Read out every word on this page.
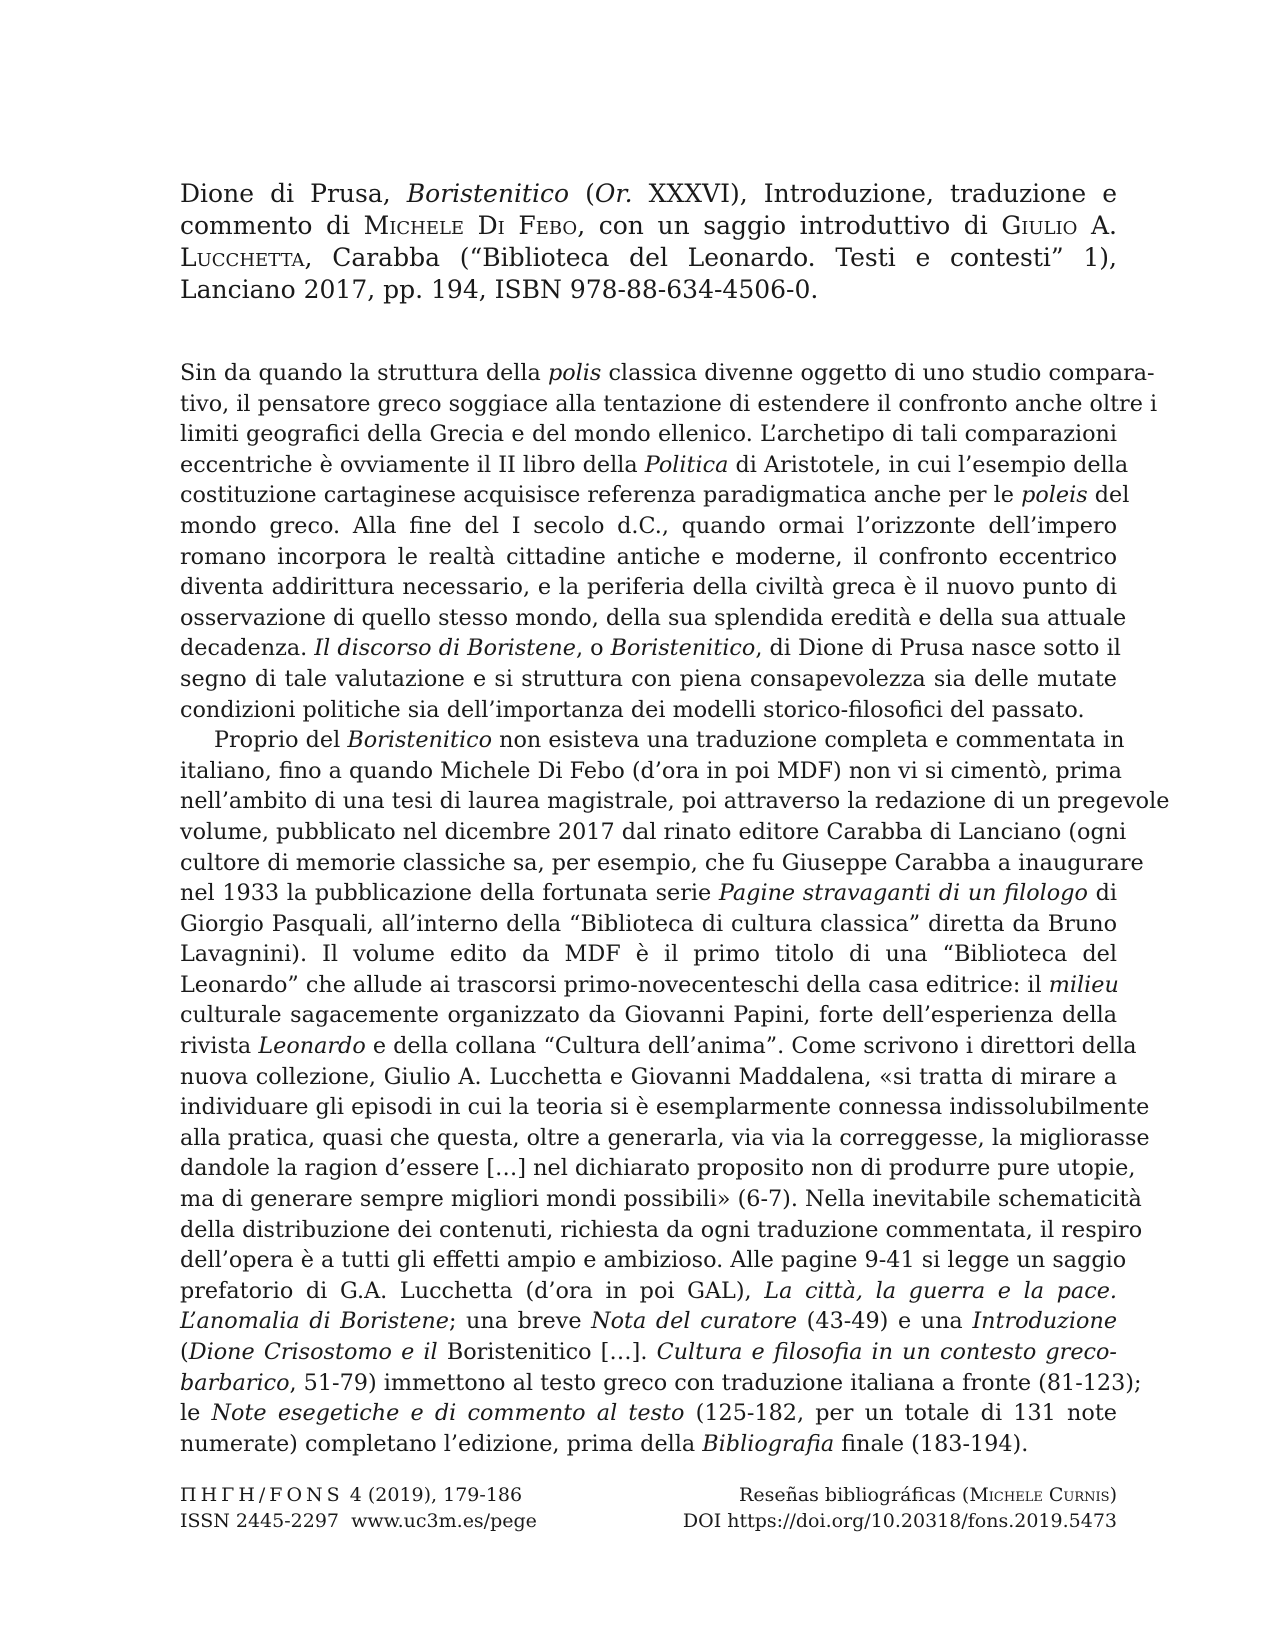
Dione di Prusa, Boristenitico (Or. XXXVI), Introduzione, traduzione e
commento di Michele Di Febo, con un saggio introduttivo di Giulio A.
Lucchetta, Carabba (“Biblioteca del Leonardo. Testi e contesti” 1),
Lanciano 2017, pp. 194, ISBN 978-88-634-4506-0.
Sin da quando la struttura della polis classica divenne oggetto di uno studio compara-
tivo, il pensatore greco soggiace alla tentazione di estendere il confronto anche oltre i
limiti geografici della Grecia e del mondo ellenico. L’archetipo di tali comparazioni
eccentriche è ovviamente il II libro della Politica di Aristotele, in cui l’esempio della
costituzione cartaginese acquisisce referenza paradigmatica anche per le poleis del
mondo greco. Alla fine del I secolo d.C., quando ormai l’orizzonte dell’impero
romano incorpora le realtà cittadine antiche e moderne, il confronto eccentrico
diventa addirittura necessario, e la periferia della civiltà greca è il nuovo punto di
osservazione di quello stesso mondo, della sua splendida eredità e della sua attuale
decadenza. Il discorso di Boristene, o Boristenitico, di Dione di Prusa nasce sotto il
segno di tale valutazione e si struttura con piena consapevolezza sia delle mutate
condizioni politiche sia dell’importanza dei modelli storico-filosofici del passato.
Proprio del Boristenitico non esisteva una traduzione completa e commentata in
italiano, fino a quando Michele Di Febo (d’ora in poi MDF) non vi si cimentò, prima
nell’ambito di una tesi di laurea magistrale, poi attraverso la redazione di un pregevole
volume, pubblicato nel dicembre 2017 dal rinato editore Carabba di Lanciano (ogni
cultore di memorie classiche sa, per esempio, che fu Giuseppe Carabba a inaugurare
nel 1933 la pubblicazione della fortunata serie Pagine stravaganti di un filologo di
Giorgio Pasquali, all’interno della “Biblioteca di cultura classica” diretta da Bruno
Lavagnini). Il volume edito da MDF è il primo titolo di una “Biblioteca del
Leonardo” che allude ai trascorsi primo-novecenteschi della casa editrice: il milieu
culturale sagacemente organizzato da Giovanni Papini, forte dell’esperienza della
rivista Leonardo e della collana “Cultura dell’anima”. Come scrivono i direttori della
nuova collezione, Giulio A. Lucchetta e Giovanni Maddalena, «si tratta di mirare a
individuare gli episodi in cui la teoria si è esemplarmente connessa indissolubilmente
alla pratica, quasi che questa, oltre a generarla, via via la correggesse, la migliorasse
dandole la ragion d’essere […] nel dichiarato proposito non di produrre pure utopie,
ma di generare sempre migliori mondi possibili» (6-7). Nella inevitabile schematicità
della distribuzione dei contenuti, richiesta da ogni traduzione commentata, il respiro
dell’opera è a tutti gli effetti ampio e ambizioso. Alle pagine 9-41 si legge un saggio
prefatorio di G.A. Lucchetta (d’ora in poi GAL), La città, la guerra e la pace.
L’anomalia di Boristene; una breve Nota del curatore (43-49) e una Introduzione
(Dione Crisostomo e il Boristenitico […]. Cultura e filosofia in un contesto greco-
barbarico, 51-79) immettono al testo greco con traduzione italiana a fronte (81-123);
le Note esegetiche e di commento al testo (125-182, per un totale di 131 note
numerate) completano l’edizione, prima della Bibliografia finale (183-194).
ΠΗΓΗ/FONS 4 (2019), 179-186
ISSN 2445-2297 www.uc3m.es/pege
Reseñas bibliográficas (Michele Curnis)
DOI https://doi.org/10.20318/fons.2019.5473
